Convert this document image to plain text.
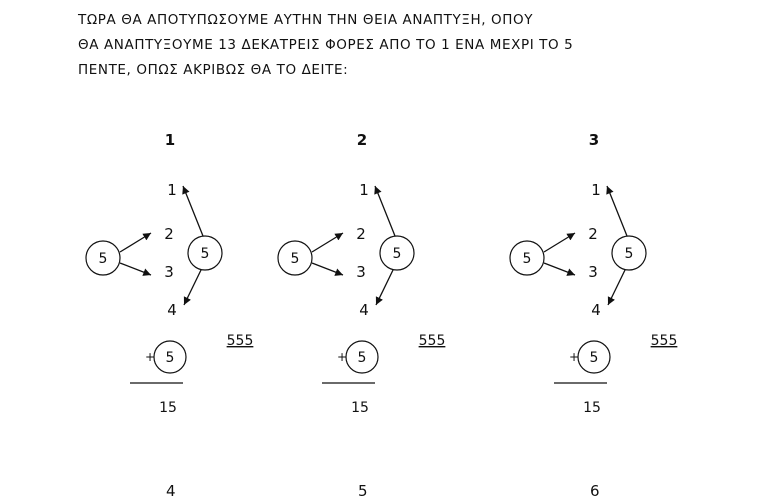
ΤΩΡΑ ΘΑ ΑΠΟΤΥΠΩΣΟΥΜΕ ΑΥΤΗΝ ΤΗΝ ΘΕΙΑ ΑΝΑΠΤΥΞΗ, ΟΠΟΥ

ΘΑ ΑΝΑΠΤΥΞΟΥΜΕ 13 ΔΕΚΑΤΡΕΙΣ ΦΟΡΕΣ ΑΠΟ ΤΟ 1 ΕΝΑ ΜΕΧΡΙ ΤΟ 5

ΠΕΝΤΕ, ΟΠΩΣ ΑΚΡΙΒΩΣ ΘΑ ΤΟ ΔΕΙΤΕ:

1
1
2
3
4
5	5
+ 5
555
15
2
1
2
3
4
5	5
+ 5
555
15
3
1
2
3
4
5	5
+ 5
555
15
4	5	6
